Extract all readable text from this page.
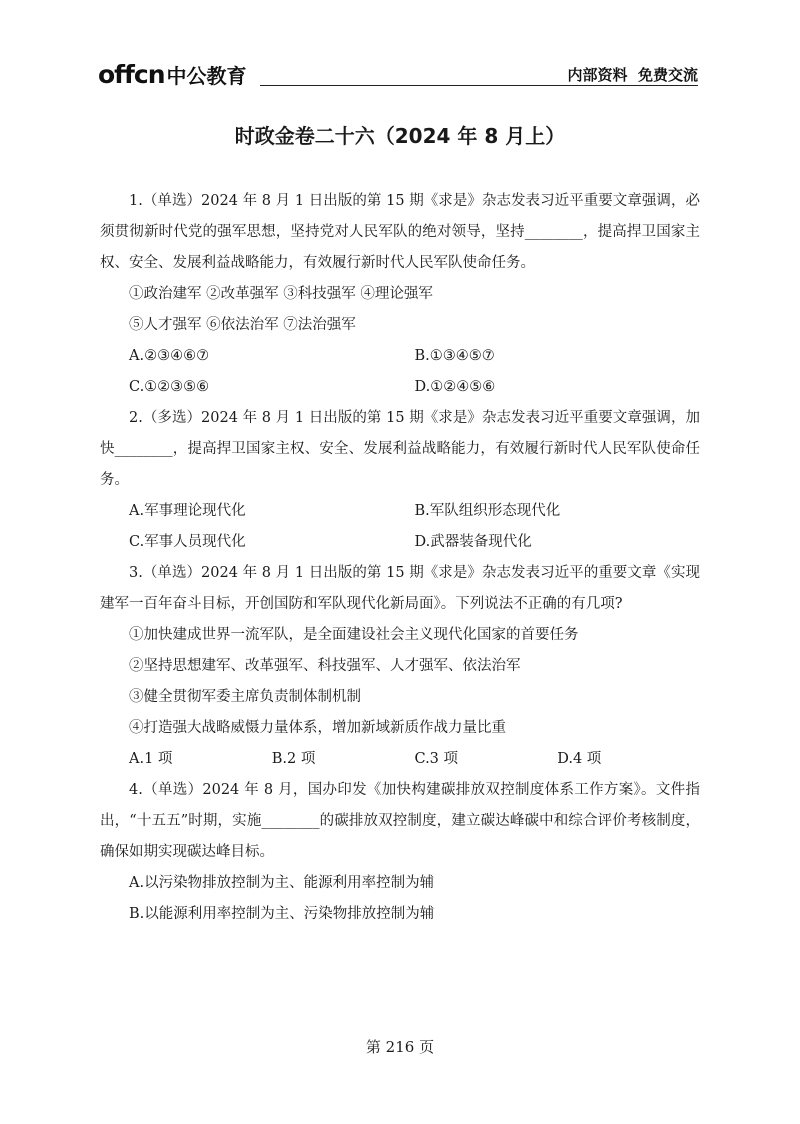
offcn 中公教育	内部资料  免费交流
时政金卷二十六（2024 年 8 月上）

1.（单选）2024 年 8 月 1 日出版的第 15 期《求是》杂志发表习近平重要文章强调，必须贯彻新时代党的强军思想，坚持党对人民军队的绝对领导，坚持________，提高捍卫国家主权、安全、发展利益战略能力，有效履行新时代人民军队使命任务。

①政治建军 ②改革强军 ③科技强军 ④理论强军

⑤人才强军 ⑥依法治军 ⑦法治强军

A.②③④⑥⑦	B.①③④⑤⑦
C.①②③⑤⑥	D.①②④⑤⑥

2.（多选）2024 年 8 月 1 日出版的第 15 期《求是》杂志发表习近平重要文章强调，加快________，提高捍卫国家主权、安全、发展利益战略能力，有效履行新时代人民军队使命任务。

A.军事理论现代化	B.军队组织形态现代化
C.军事人员现代化	D.武器装备现代化

3.（单选）2024 年 8 月 1 日出版的第 15 期《求是》杂志发表习近平的重要文章《实现建军一百年奋斗目标，开创国防和军队现代化新局面》。下列说法不正确的有几项?

①加快建成世界一流军队，是全面建设社会主义现代化国家的首要任务

②坚持思想建军、改革强军、科技强军、人才强军、依法治军

③健全贯彻军委主席负责制体制机制

④打造强大战略威慑力量体系，增加新域新质作战力量比重

A.1 项	B.2 项	C.3 项	D.4 项

4.（单选）2024 年 8 月，国办印发《加快构建碳排放双控制度体系工作方案》。文件指出，“十五五”时期，实施________的碳排放双控制度，建立碳达峰碳中和综合评价考核制度，确保如期实现碳达峰目标。

A.以污染物排放控制为主、能源利用率控制为辅

B.以能源利用率控制为主、污染物排放控制为辅

第 216 页
